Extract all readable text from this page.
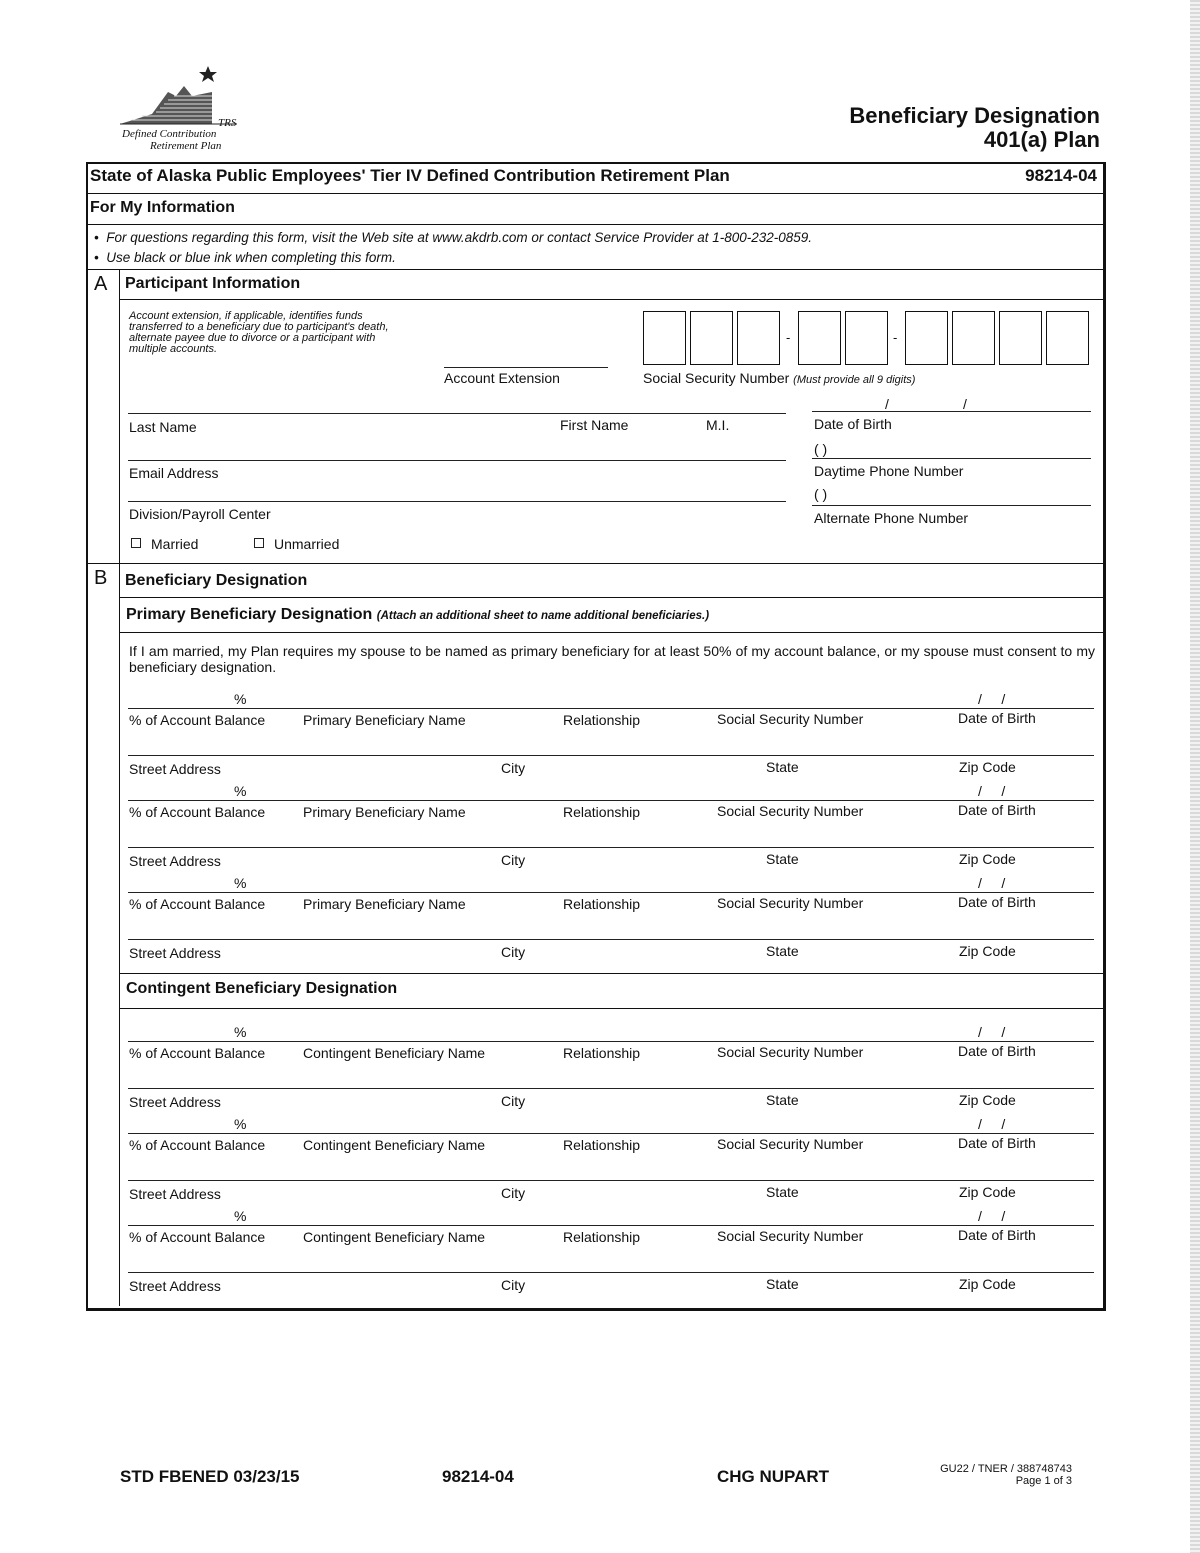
TRS
Defined Contribution
Retirement Plan
Beneficiary Designation
401(a) Plan
State of Alaska Public Employees' Tier IV Defined Contribution Retirement Plan	98214-04
For My Information
•  For questions regarding this form, visit the Web site at www.akdrb.com or contact Service Provider at 1-800-232-0859.
•  Use black or blue ink when completing this form.
A Participant Information
Account extension, if applicable, identifies funds transferred to a beneficiary due to participant's death, alternate payee due to divorce or a participant with multiple accounts.
Account Extension
-	-
Social Security Number (Must provide all 9 digits)
/	/
Last Name	First Name	M.I.	Date of Birth
( )
Email Address	Daytime Phone Number
( )
Division/Payroll Center	Alternate Phone Number
Married	Unmarried
B Beneficiary Designation
Primary Beneficiary Designation (Attach an additional sheet to name additional beneficiaries.)
If I am married, my Plan requires my spouse to be named as primary beneficiary for at least 50% of my account balance, or my spouse must consent to my beneficiary designation.
%	/     /
% of Account Balance	Primary Beneficiary Name	Relationship	Social Security Number	Date of Birth
Street Address	City	State	Zip Code
%	/     /
% of Account Balance	Primary Beneficiary Name	Relationship	Social Security Number	Date of Birth
Street Address	City	State	Zip Code
%	/     /
% of Account Balance	Primary Beneficiary Name	Relationship	Social Security Number	Date of Birth
Street Address	City	State	Zip Code
Contingent Beneficiary Designation
%	/     /
% of Account Balance	Contingent Beneficiary Name	Relationship	Social Security Number	Date of Birth
Street Address	City	State	Zip Code
%	/     /
% of Account Balance	Contingent Beneficiary Name	Relationship	Social Security Number	Date of Birth
Street Address	City	State	Zip Code
%	/     /
% of Account Balance	Contingent Beneficiary Name	Relationship	Social Security Number	Date of Birth
Street Address	City	State	Zip Code
STD FBENED 03/23/15	98214-04	CHG NUPART	GU22 / TNER / 388748743
Page 1 of 3
